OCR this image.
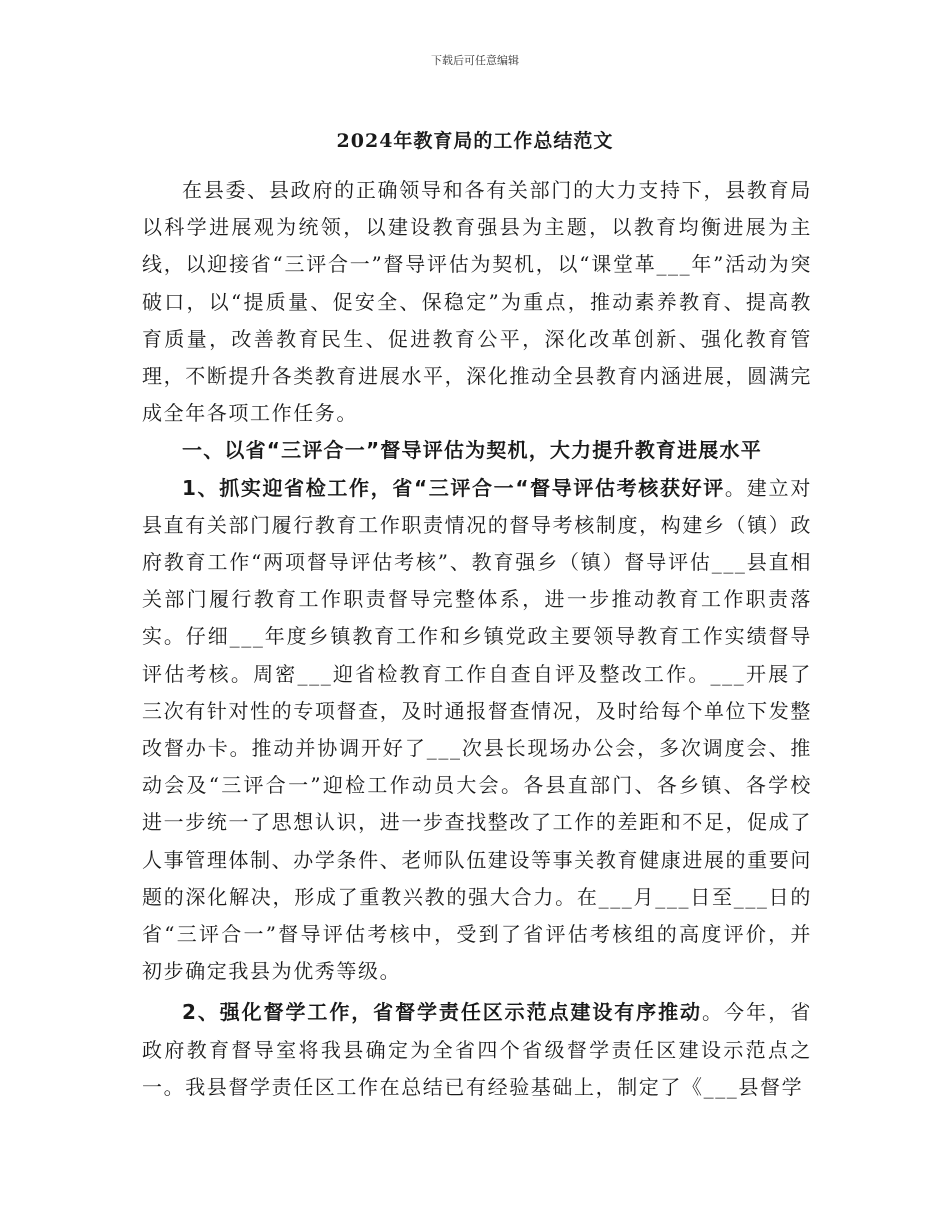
下载后可任意编辑
2024年教育局的工作总结范文

在县委、县政府的正确领导和各有关部门的大力支持下，县教育局以科学进展观为统领，以建设教育强县为主题，以教育均衡进展为主线，以迎接省“三评合一”督导评估为契机，以“课堂革___年”活动为突破口，以“提质量、促安全、保稳定”为重点，推动素养教育、提高教育质量，改善教育民生、促进教育公平，深化改革创新、强化教育管理，不断提升各类教育进展水平，深化推动全县教育内涵进展，圆满完成全年各项工作任务。

一、以省“三评合一”督导评估为契机，大力提升教育进展水平

1、抓实迎省检工作，省“三评合一“督导评估考核获好评。建立对县直有关部门履行教育工作职责情况的督导考核制度，构建乡（镇）政府教育工作“两项督导评估考核”、教育强乡（镇）督导评估___县直相关部门履行教育工作职责督导完整体系，进一步推动教育工作职责落实。仔细___年度乡镇教育工作和乡镇党政主要领导教育工作实绩督导评估考核。周密___迎省检教育工作自查自评及整改工作。___开展了三次有针对性的专项督查，及时通报督查情况，及时给每个单位下发整改督办卡。推动并协调开好了___次县长现场办公会，多次调度会、推动会及“三评合一”迎检工作动员大会。各县直部门、各乡镇、各学校进一步统一了思想认识，进一步查找整改了工作的差距和不足，促成了人事管理体制、办学条件、老师队伍建设等事关教育健康进展的重要问题的深化解决，形成了重教兴教的强大合力。在___月___日至___日的省“三评合一”督导评估考核中，受到了省评估考核组的高度评价，并初步确定我县为优秀等级。

2、强化督学工作，省督学责任区示范点建设有序推动。今年，省政府教育督导室将我县确定为全省四个省级督学责任区建设示范点之一。我县督学责任区工作在总结已有经验基础上，制定了《___县督学
